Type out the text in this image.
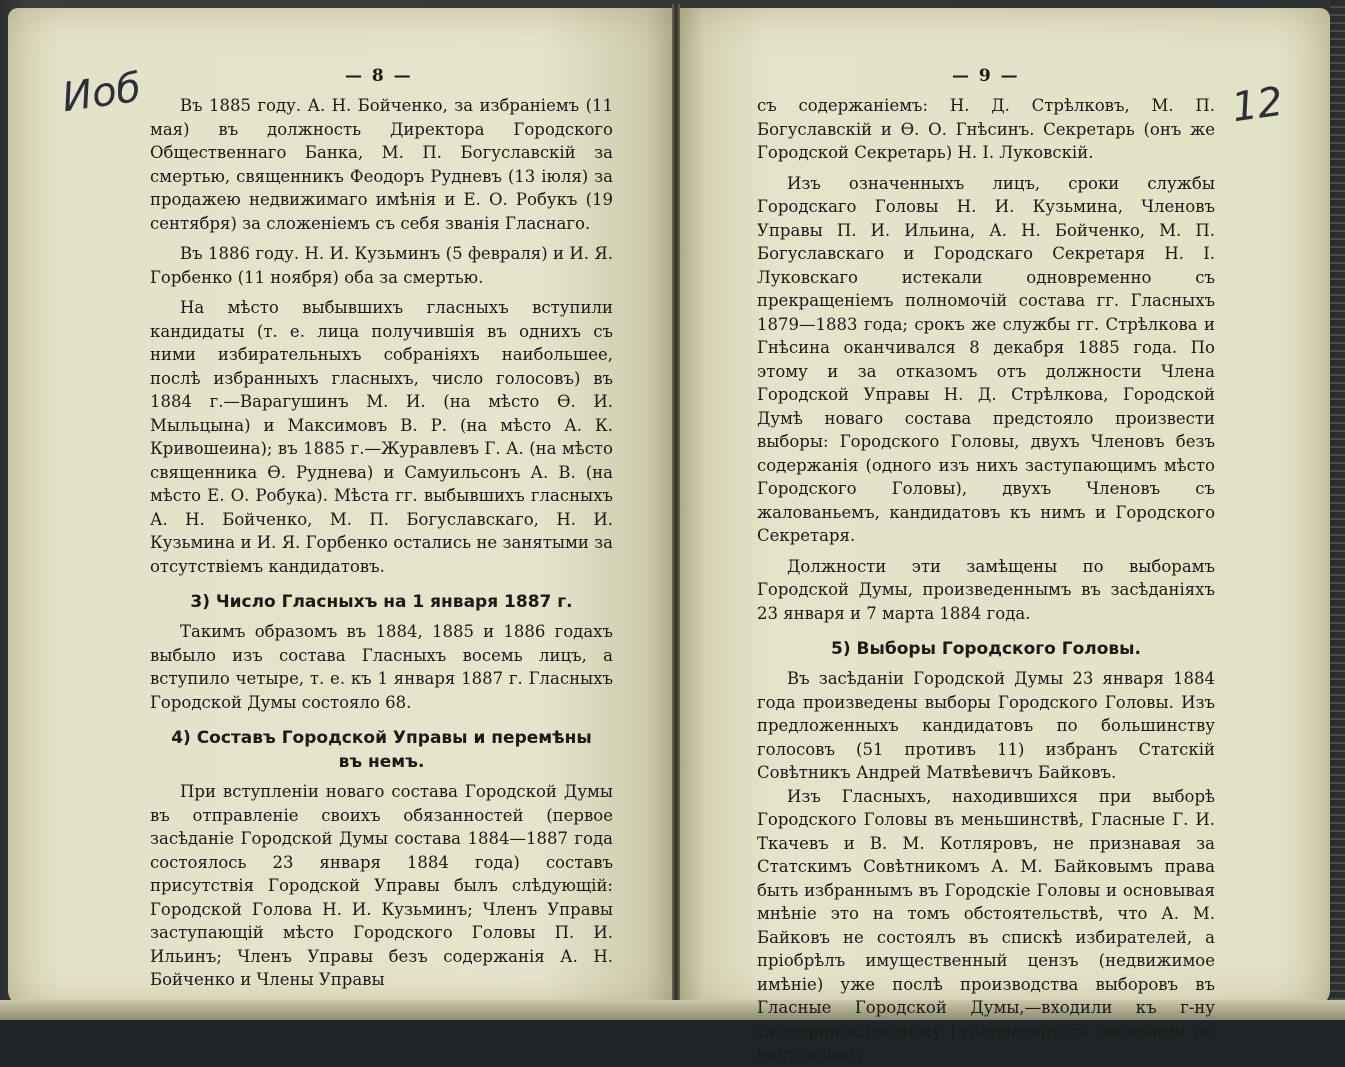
Иоб	— 8 —

Въ 1885 году. А. Н. Бойченко, за избраніемъ (11 мая) въ должность Директора Городского Общественнаго Банка, М. П. Богуславскій за смертью, священникъ Феодоръ Рудневъ (13 іюля) за продажею недвижимаго имѣнія и Е. О. Робукъ (19 сентября) за сложеніемъ съ себя званія Гласнаго.

Въ 1886 году. Н. И. Кузьминъ (5 февраля) и И. Я. Горбенко (11 ноября) оба за смертью.

На мѣсто выбывшихъ гласныхъ вступили кандидаты (т. е. лица получившія въ однихъ съ ними избирательныхъ собраніяхъ наибольшее, послѣ избранныхъ гласныхъ, число голосовъ) въ 1884 г.—Варагушинъ М. И. (на мѣсто Ѳ. И. Мыльцына) и Максимовъ В. Р. (на мѣсто А. К. Кривошеина); въ 1885 г.—Журавлевъ Г. А. (на мѣсто священника Ѳ. Руднева) и Самуильсонъ А. В. (на мѣсто Е. О. Робука). Мѣста гг. выбывшихъ гласныхъ А. Н. Бойченко, М. П. Богуславскаго, Н. И. Кузьмина и И. Я. Горбенко остались не занятыми за отсутствіемъ кандидатовъ.

3) Число Гласныхъ на 1 января 1887 г.

Такимъ образомъ въ 1884, 1885 и 1886 годахъ выбыло изъ состава Гласныхъ восемь лицъ, а вступило четыре, т. е. къ 1 января 1887 г. Гласныхъ Городской Думы состояло 68.

4) Составъ Городской Управы и перемѣны въ немъ.

При вступленіи новаго состава Городской Думы въ отправленіе своихъ обязанностей (первое засѣданіе Городской Думы состава 1884—1887 года состоялось 23 января 1884 года) составъ присутствія Городской Управы былъ слѣдующій: Городской Голова Н. И. Кузьминъ; Членъ Управы заступающій мѣсто Городского Головы П. И. Ильинъ; Членъ Управы безъ содержанія А. Н. Бойченко и Члены Управы

— 9 —
12

съ содержаніемъ: Н. Д. Стрѣлковъ, М. П. Богуславскій и Ѳ. О. Гнѣсинъ. Секретарь (онъ же Городской Секретарь) Н. І. Луковскій.

Изъ означенныхъ лицъ, сроки службы Городскаго Головы Н. И. Кузьмина, Членовъ Управы П. И. Ильина, А. Н. Бойченко, М. П. Богуславскаго и Городскаго Секретаря Н. І. Луковскаго истекали одновременно съ прекращеніемъ полномочій состава гг. Гласныхъ 1879—1883 года; срокъ же службы гг. Стрѣлкова и Гнѣсина оканчивался 8 декабря 1885 года. По этому и за отказомъ отъ должности Члена Городской Управы Н. Д. Стрѣлкова, Городской Думѣ новаго состава предстояло произвести выборы: Городского Головы, двухъ Членовъ безъ содержанія (одного изъ нихъ заступающимъ мѣсто Городского Головы), двухъ Членовъ съ жалованьемъ, кандидатовъ къ нимъ и Городского Секретаря.

Должности эти замѣщены по выборамъ Городской Думы, произведеннымъ въ засѣданіяхъ 23 января и 7 марта 1884 года.

5) Выборы Городского Головы.

Въ засѣданіи Городской Думы 23 января 1884 года произведены выборы Городского Головы. Изъ предложенныхъ кандидатовъ по большинству голосовъ (51 противъ 11) избранъ Статскій Совѣтникъ Андрей Матвѣевичъ Байковъ.

Изъ Гласныхъ, находившихся при выборѣ Городского Головы въ меньшинствѣ, Гласные Г. И. Ткачевъ и В. М. Котляровъ, не признавая за Статскимъ Совѣтникомъ А. М. Байковымъ права быть избраннымъ въ Городскіе Головы и основывая мнѣніе это на томъ обстоятельствѣ, что А. М. Байковъ не состоялъ въ спискѣ избирателей, а пріобрѣлъ имущественный цензъ (недвижимое имѣніе) уже послѣ производства выборовъ въ Гласные Городской Думы,—входили къ г-ну Екатеринославскому Губернатору съ жалобами по настоящему
